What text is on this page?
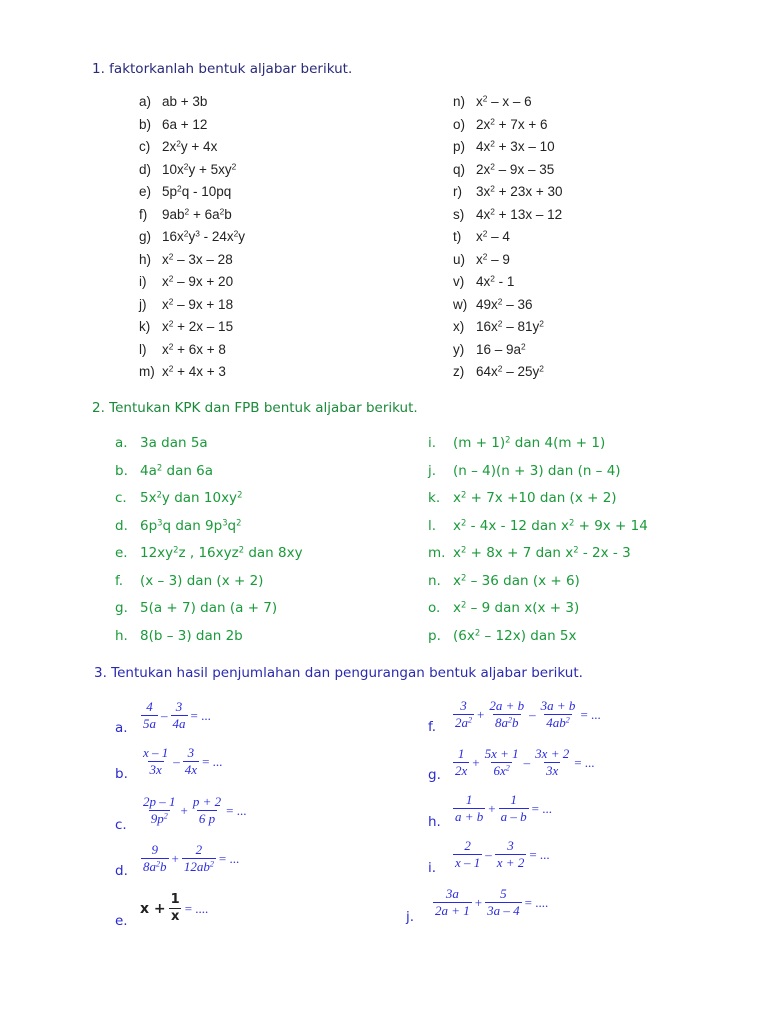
1. faktorkanlah bentuk aljabar berikut.
a) ab + 3b
b) 6a + 12
c) $2x^2y + 4x$
d) $10x^2y + 5xy^2$
e) $5p^2q - 10pq$
f) $9ab^2 + 6a^2b$
g) $16x^2y^3 - 24x^2y$
h) $x^2 - 3x - 28$
i) $x^2 - 9x + 20$
j) $x^2 - 9x + 18$
k) $x^2 + 2x - 15$
l) $x^2 + 6x + 8$
m) $x^2 + 4x + 3$
n) $x^2$ – x – 6
o) $2x^2 + 7x + 6$
p) $4x^2 + 3x - 10$
q) $2x^2 - 9x - 35$
r) $3x^2 + 23x + 30$
s) $4x^2 + 13x - 12$
t) $x^2 - 4$
u) $x^2 - 9$
v) $4x^2 - 1$
w) $49x^2 - 36$
x) $16x^2 - 81y^2$
y) $16 - 9a^2$
z) $64x^2 - 25y^2$
2. Tentukan KPK dan FPB bentuk aljabar berikut.
a. 3a dan 5a
b. $4a^2$ dan 6a
c. $5x^2y$ dan $10xy^2$
d. $6p^3q$ dan $9p^3q^2$
e. $12xy^2z$ , 16xyz$^2$ dan 8xy
f. (x – 3) dan (x + 2)
g. 5(a + 7) dan (a + 7)
h. 8(b – 3) dan 2b
i. $(m + 1)^2$ dan 4(m + 1)
j. (n – 4)(n + 3) dan (n – 4)
k. $x^2 + 7x +10$ dan (x + 2)
l. $x^2 - 4x - 12$ dan $x^2 + 9x + 14$
m. $x^2 + 8x + 7$ dan $x^2 - 2x - 3$
n. $x^2 - 36$ dan (x + 6)
o. $x^2 - 9$ dan x(x + 3)
p. $(6x^2 - 12x)$ dan 5x
3. Tentukan hasil penjumlahan dan pengurangan bentuk aljabar berikut.
a. $\frac{4}{5a} - \frac{3}{4a}$ = ...
b. $\frac{x - 1}{3x} - \frac{3}{4x}$ = ...
c. $\frac{2p - 1}{9p^2} + \frac{p + 2}{6 p}$ = ...
d. $\frac{9}{8a^2b} + \frac{2}{12ab^2}$ = ...
e.
$x + \frac{1}{x}$ = ....
f. $\frac{3}{2a^2} + \frac{2a + b}{8a^2b} - \frac{3a + b}{4ab^2}$ = ...
g. $\frac{1}{2x} + \frac{5x + 1}{6x^2} - \frac{3x + 2}{3x}$ = ...
h. $\frac{1}{a + b} + \frac{1}{a - b}$ = ...
i. $\frac{2}{x - 1} - \frac{3}{x + 2}$ = ...
j. $\frac{3a}{2a + 1} + \frac{5}{3a - 4}$ = ....
